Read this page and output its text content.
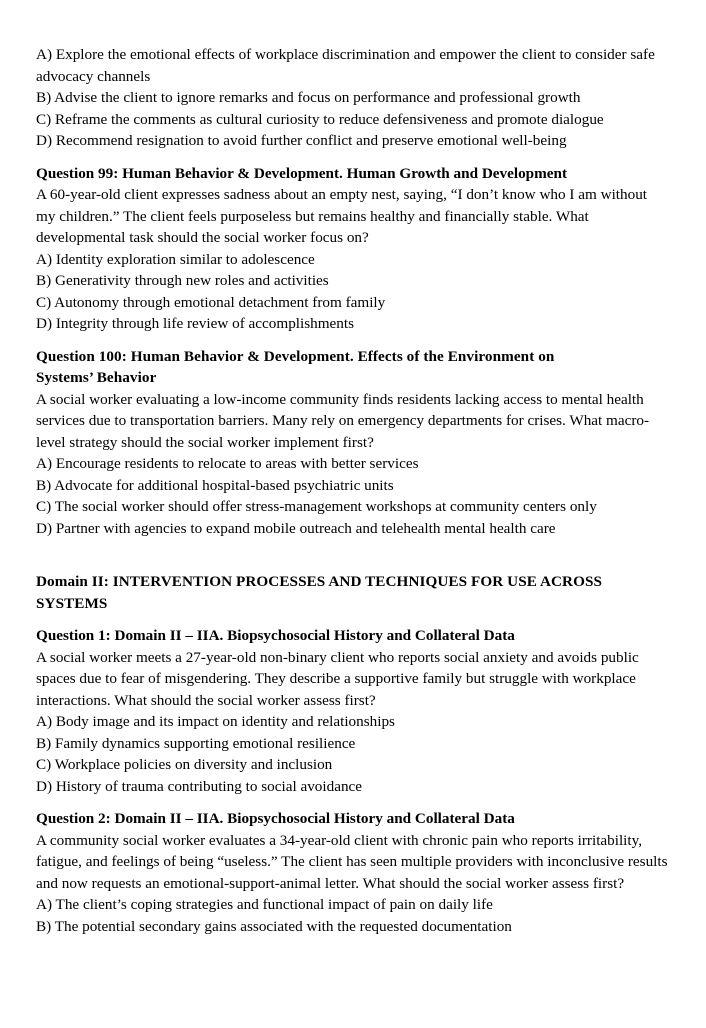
A) Explore the emotional effects of workplace discrimination and empower the client to consider safe advocacy channels
B) Advise the client to ignore remarks and focus on performance and professional growth
C) Reframe the comments as cultural curiosity to reduce defensiveness and promote dialogue
D) Recommend resignation to avoid further conflict and preserve emotional well-being
Question 99: Human Behavior & Development. Human Growth and Development
A 60-year-old client expresses sadness about an empty nest, saying, “I don’t know who I am without my children.” The client feels purposeless but remains healthy and financially stable. What developmental task should the social worker focus on?
A) Identity exploration similar to adolescence
B) Generativity through new roles and activities
C) Autonomy through emotional detachment from family
D) Integrity through life review of accomplishments
Question 100: Human Behavior & Development. Effects of the Environment on
Systems’ Behavior
A social worker evaluating a low-income community finds residents lacking access to mental health services due to transportation barriers. Many rely on emergency departments for crises. What macro-level strategy should the social worker implement first?
A) Encourage residents to relocate to areas with better services
B) Advocate for additional hospital-based psychiatric units
C) The social worker should offer stress-management workshops at community centers only
D) Partner with agencies to expand mobile outreach and telehealth mental health care
Domain II: INTERVENTION PROCESSES AND TECHNIQUES FOR USE ACROSS
SYSTEMS
Question 1: Domain II – IIA. Biopsychosocial History and Collateral Data
A social worker meets a 27-year-old non-binary client who reports social anxiety and avoids public spaces due to fear of misgendering. They describe a supportive family but struggle with workplace interactions. What should the social worker assess first?
A) Body image and its impact on identity and relationships
B) Family dynamics supporting emotional resilience
C) Workplace policies on diversity and inclusion
D) History of trauma contributing to social avoidance
Question 2: Domain II – IIA. Biopsychosocial History and Collateral Data
A community social worker evaluates a 34-year-old client with chronic pain who reports irritability, fatigue, and feelings of being “useless.” The client has seen multiple providers with inconclusive results and now requests an emotional-support-animal letter. What should the social worker assess first?
A) The client’s coping strategies and functional impact of pain on daily life
B) The potential secondary gains associated with the requested documentation
